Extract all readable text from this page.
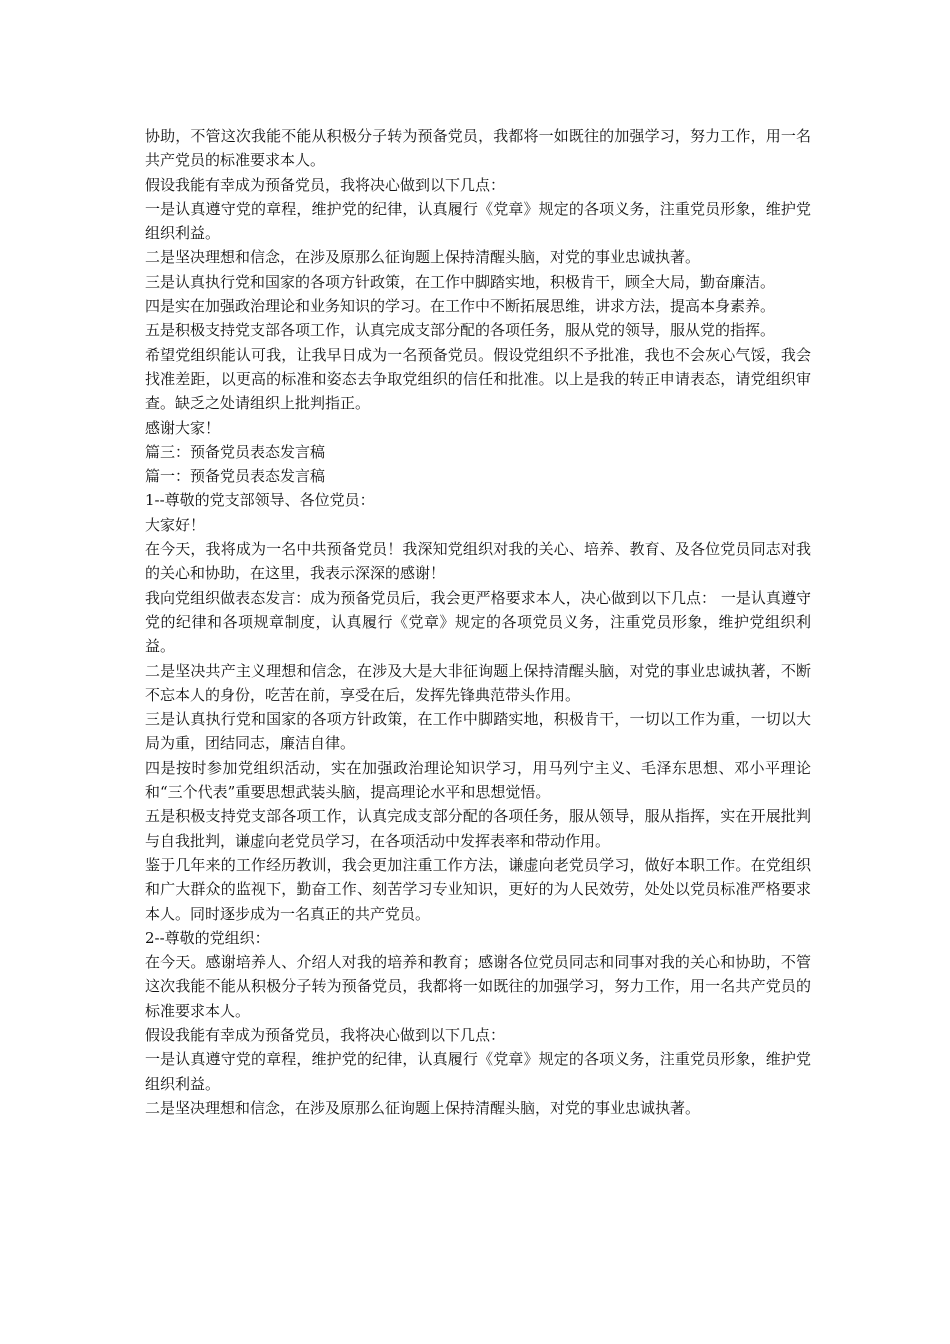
协助，不管这次我能不能从积极分子转为预备党员，我都将一如既往的加强学习，努力工作，用一名共产党员的标准要求本人。

假设我能有幸成为预备党员，我将决心做到以下几点：

一是认真遵守党的章程，维护党的纪律，认真履行《党章》规定的各项义务，注重党员形象，维护党组织利益。

二是坚决理想和信念，在涉及原那么征询题上保持清醒头脑，对党的事业忠诚执著。

三是认真执行党和国家的各项方针政策，在工作中脚踏实地，积极肯干，顾全大局，勤奋廉洁。

四是实在加强政治理论和业务知识的学习。在工作中不断拓展思维，讲求方法，提高本身素养。

五是积极支持党支部各项工作，认真完成支部分配的各项任务，服从党的领导，服从党的指挥。

希望党组织能认可我，让我早日成为一名预备党员。假设党组织不予批准，我也不会灰心气馁，我会找准差距，以更高的标准和姿态去争取党组织的信任和批准。以上是我的转正申请表态，请党组织审查。缺乏之处请组织上批判指正。

感谢大家！

篇三：预备党员表态发言稿

篇一：预备党员表态发言稿

1--尊敬的党支部领导、各位党员：

大家好！

在今天，我将成为一名中共预备党员！我深知党组织对我的关心、培养、教育、及各位党员同志对我的关心和协助，在这里，我表示深深的感谢！

我向党组织做表态发言：成为预备党员后，我会更严格要求本人，决心做到以下几点： 一是认真遵守党的纪律和各项规章制度，认真履行《党章》规定的各项党员义务，注重党员形象，维护党组织利益。

二是坚决共产主义理想和信念，在涉及大是大非征询题上保持清醒头脑，对党的事业忠诚执著，不断不忘本人的身份，吃苦在前，享受在后，发挥先锋典范带头作用。

三是认真执行党和国家的各项方针政策，在工作中脚踏实地，积极肯干，一切以工作为重，一切以大局为重，团结同志，廉洁自律。

四是按时参加党组织活动，实在加强政治理论知识学习，用马列宁主义、毛泽东思想、邓小平理论和“三个代表”重要思想武装头脑，提高理论水平和思想觉悟。

五是积极支持党支部各项工作，认真完成支部分配的各项任务，服从领导，服从指挥，实在开展批判与自我批判，谦虚向老党员学习，在各项活动中发挥表率和带动作用。

鉴于几年来的工作经历教训，我会更加注重工作方法，谦虚向老党员学习，做好本职工作。在党组织和广大群众的监视下，勤奋工作、刻苦学习专业知识，更好的为人民效劳，处处以党员标准严格要求本人。同时逐步成为一名真正的共产党员。

2--尊敬的党组织：

在今天。感谢培养人、介绍人对我的培养和教育；感谢各位党员同志和同事对我的关心和协助，不管这次我能不能从积极分子转为预备党员，我都将一如既往的加强学习，努力工作，用一名共产党员的标准要求本人。

假设我能有幸成为预备党员，我将决心做到以下几点：

一是认真遵守党的章程，维护党的纪律，认真履行《党章》规定的各项义务，注重党员形象，维护党组织利益。

二是坚决理想和信念，在涉及原那么征询题上保持清醒头脑，对党的事业忠诚执著。
